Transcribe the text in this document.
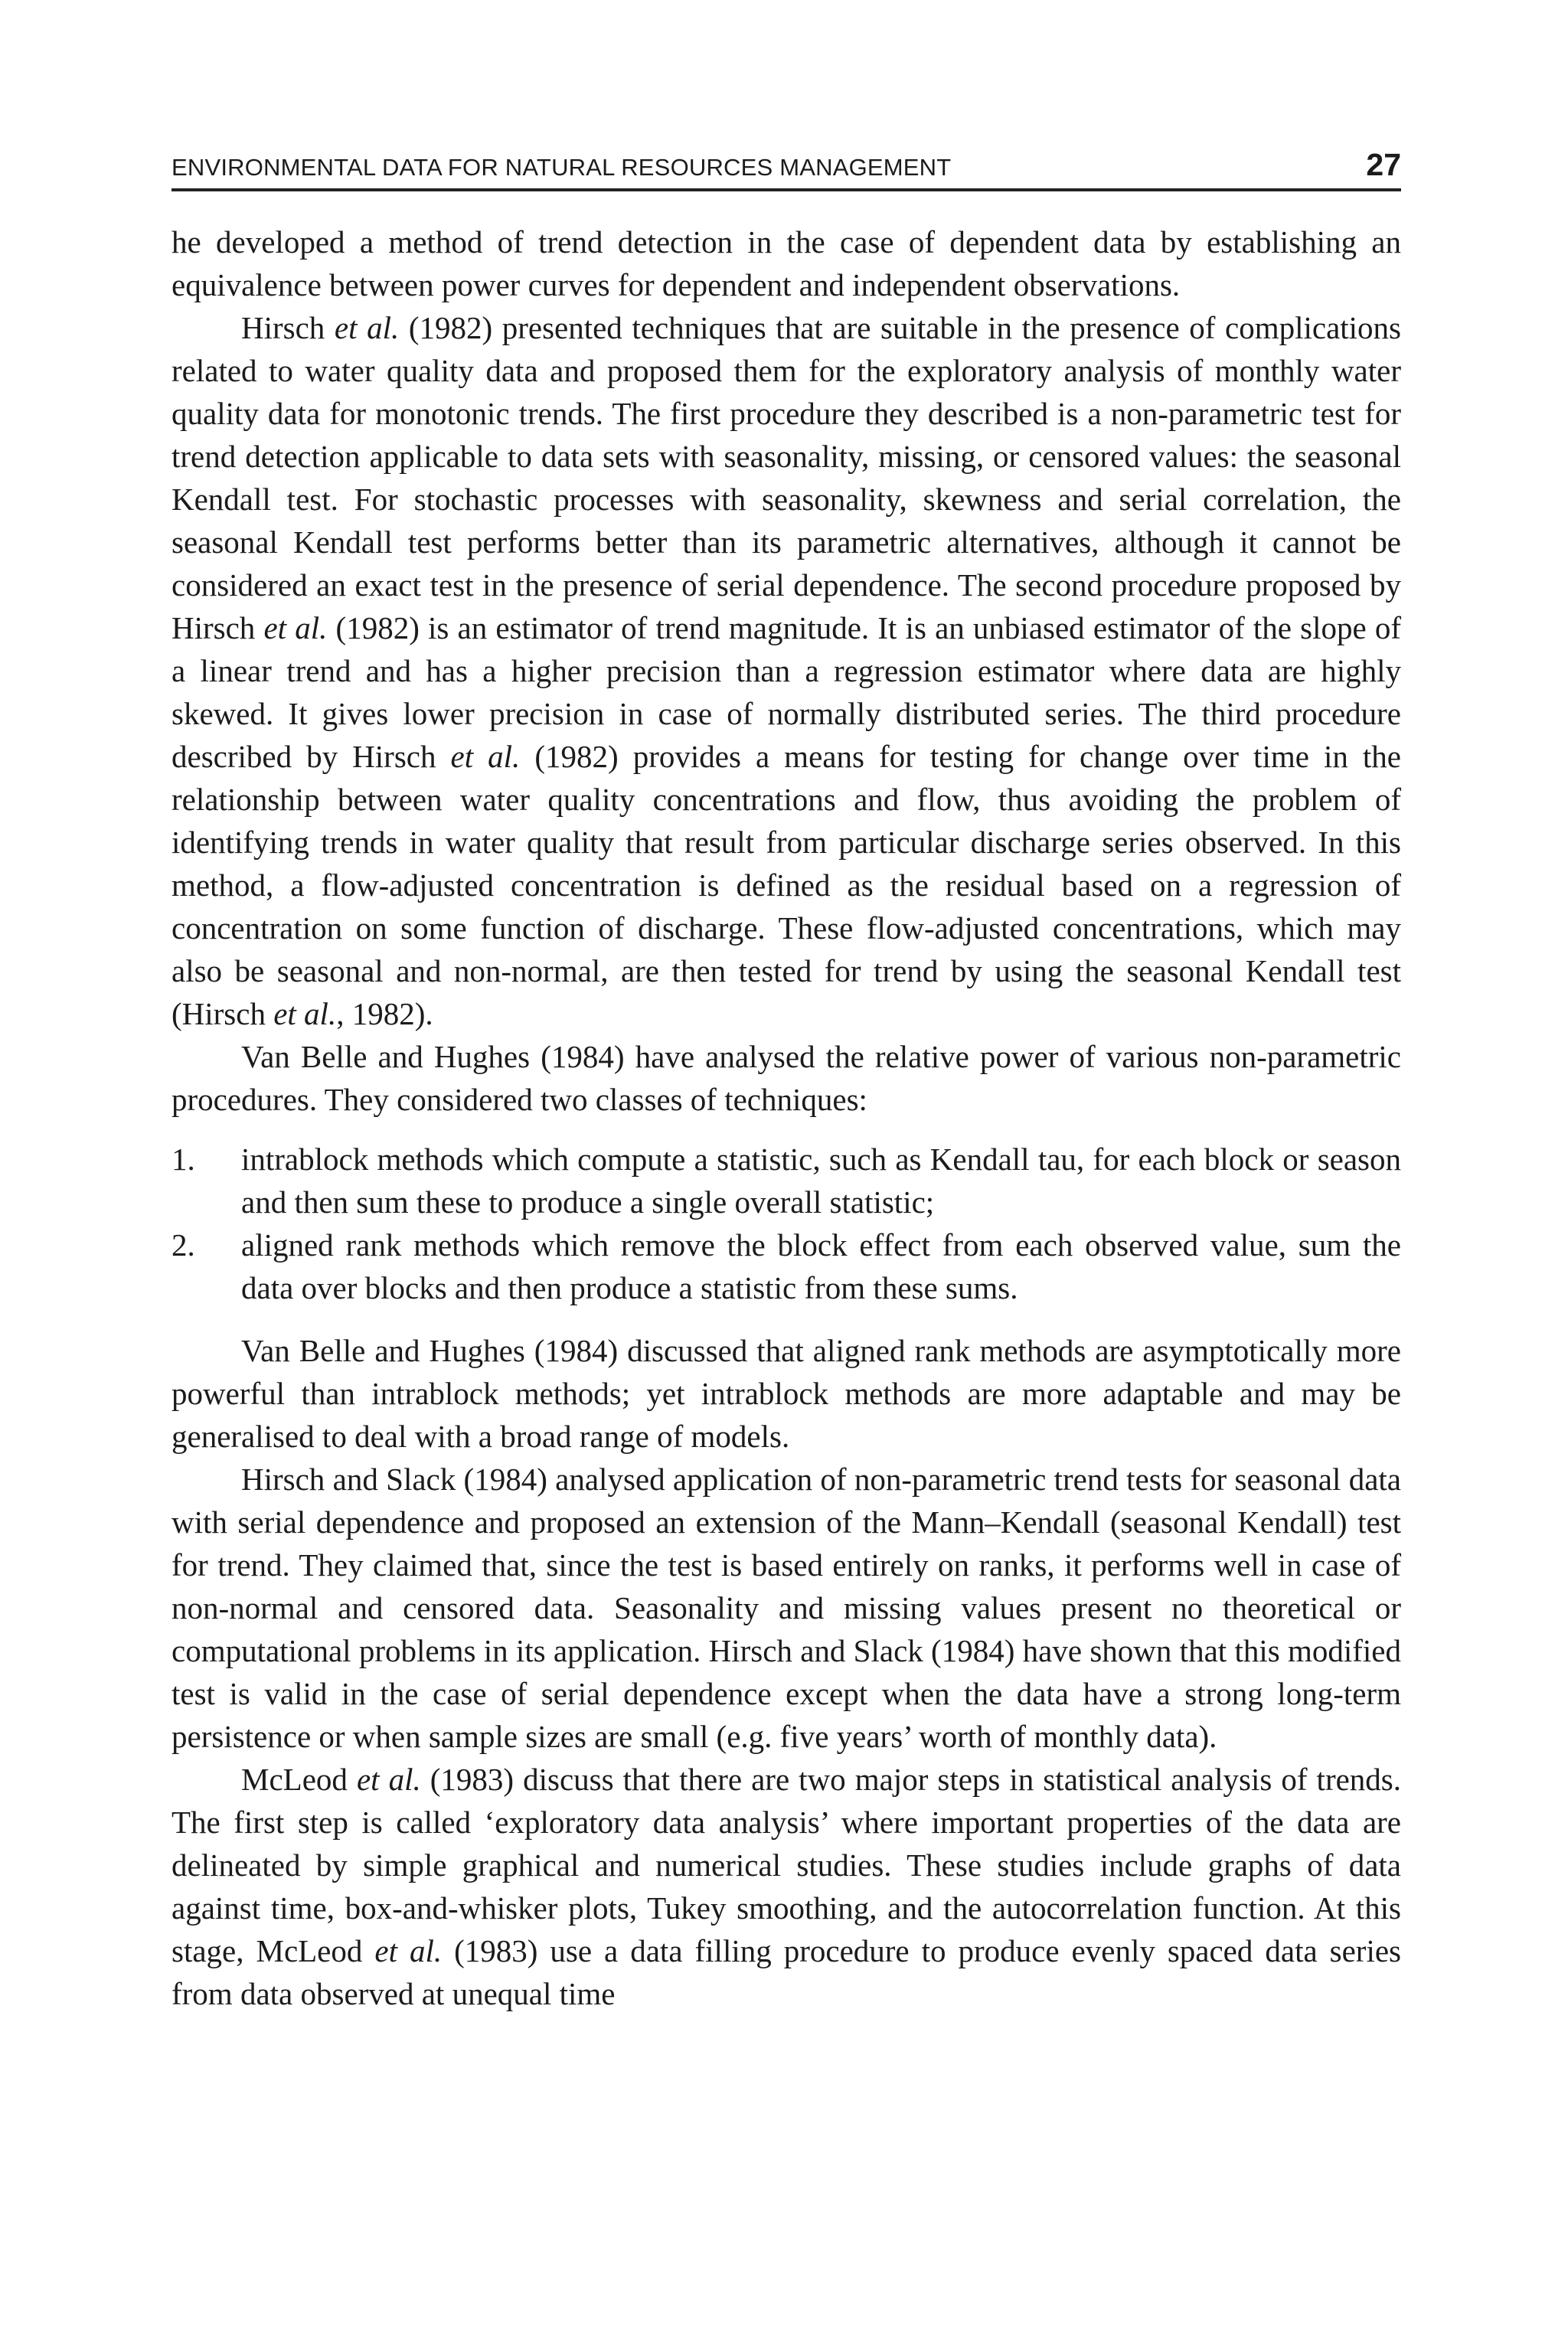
ENVIRONMENTAL DATA FOR NATURAL RESOURCES MANAGEMENT	27

he developed a method of trend detection in the case of dependent data by establishing an equivalence between power curves for dependent and independent observations.

Hirsch et al. (1982) presented techniques that are suitable in the presence of complications related to water quality data and proposed them for the exploratory analysis of monthly water quality data for monotonic trends. The first procedure they described is a non-parametric test for trend detection applicable to data sets with seasonality, missing, or censored values: the seasonal Kendall test. For stochastic processes with seasonality, skewness and serial correlation, the seasonal Kendall test performs better than its parametric alternatives, although it cannot be considered an exact test in the presence of serial dependence. The second procedure proposed by Hirsch et al. (1982) is an estimator of trend magnitude. It is an unbiased estimator of the slope of a linear trend and has a higher precision than a regression estimator where data are highly skewed. It gives lower precision in case of normally distributed series. The third procedure described by Hirsch et al. (1982) provides a means for testing for change over time in the relationship between water quality concentrations and flow, thus avoiding the problem of identifying trends in water quality that result from particular discharge series observed. In this method, a flow-adjusted concentration is defined as the residual based on a regression of concentration on some function of discharge. These flow-adjusted concentrations, which may also be seasonal and non-normal, are then tested for trend by using the seasonal Kendall test (Hirsch et al., 1982).

Van Belle and Hughes (1984) have analysed the relative power of various non-parametric procedures. They considered two classes of techniques:

1.	intrablock methods which compute a statistic, such as Kendall tau, for each block or season and then sum these to produce a single overall statistic;
2.	aligned rank methods which remove the block effect from each observed value, sum the data over blocks and then produce a statistic from these sums.

Van Belle and Hughes (1984) discussed that aligned rank methods are asymptotically more powerful than intrablock methods; yet intrablock methods are more adaptable and may be generalised to deal with a broad range of models.

Hirsch and Slack (1984) analysed application of non-parametric trend tests for seasonal data with serial dependence and proposed an extension of the Mann–Kendall (seasonal Kendall) test for trend. They claimed that, since the test is based entirely on ranks, it performs well in case of non-normal and censored data. Seasonality and missing values present no theoretical or computational problems in its application. Hirsch and Slack (1984) have shown that this modified test is valid in the case of serial dependence except when the data have a strong long-term persistence or when sample sizes are small (e.g. five years’ worth of monthly data).

McLeod et al. (1983) discuss that there are two major steps in statistical analysis of trends. The first step is called ‘exploratory data analysis’ where important properties of the data are delineated by simple graphical and numerical studies. These studies include graphs of data against time, box-and-whisker plots, Tukey smoothing, and the autocorrelation function. At this stage, McLeod et al. (1983) use a data filling procedure to produce evenly spaced data series from data observed at unequal time
